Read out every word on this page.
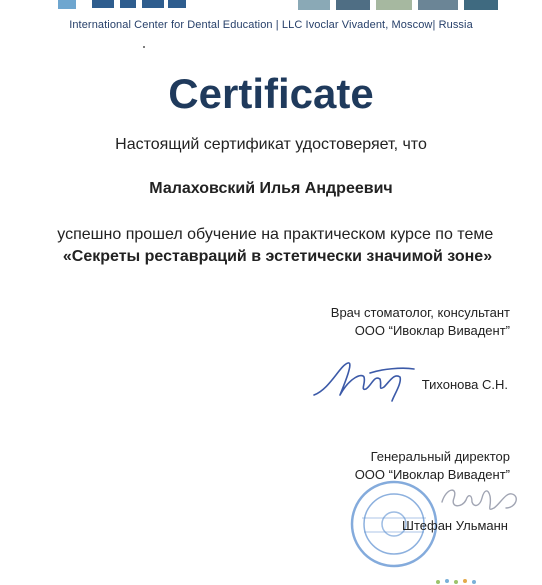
International Center for Dental Education | LLC Ivoclar Vivadent, Moscow| Russia
Certificate
Настоящий сертификат удостоверяет, что
Малаховский Илья Андреевич
успешно прошел обучение на практическом курсе по теме  «Секреты реставраций в эстетически значимой зоне»
Врач стоматолог, консультант
ООО “Ивоклар Вивадент”
Тихонова С.Н.
Генеральный директор
ООО “Ивоклар Вивадент”
Штефан Ульманн
